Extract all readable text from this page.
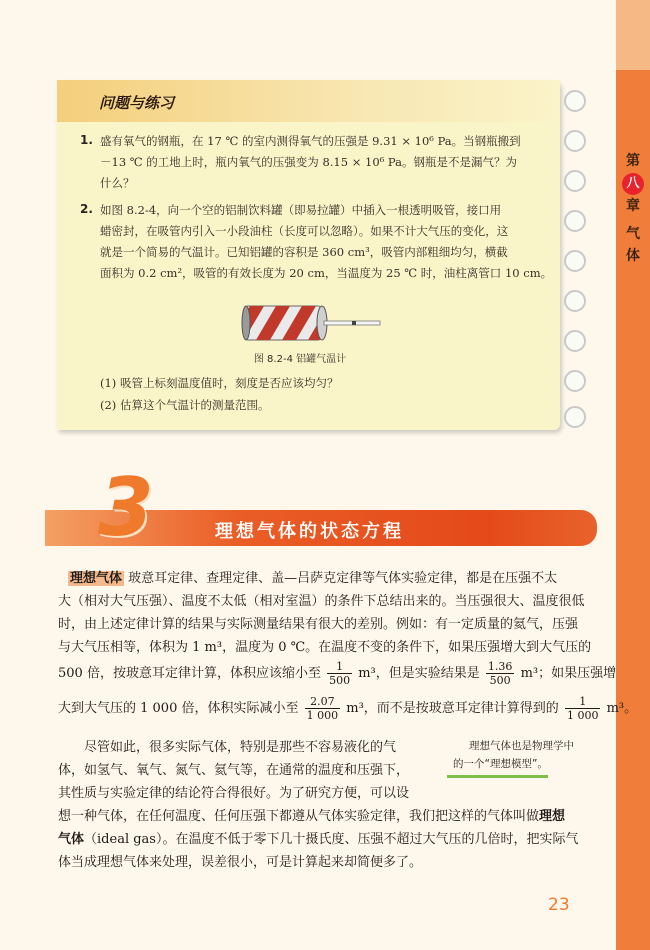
第
八
章
气
体
问题与练习
1. 盛有氧气的钢瓶，在 17 ℃ 的室内测得氧气的压强是 9.31 × 10⁶ Pa。当钢瓶搬到

－13 ℃ 的工地上时，瓶内氧气的压强变为 8.15 × 10⁶ Pa。钢瓶是不是漏气？为

什么？

2. 如图 8.2-4，向一个空的铝制饮料罐（即易拉罐）中插入一根透明吸管，接口用

蜡密封，在吸管内引入一小段油柱（长度可以忽略）。如果不计大气压的变化，这

就是一个简易的气温计。已知铝罐的容积是 360 cm³，吸管内部粗细均匀，横截

面积为 0.2 cm²，吸管的有效长度为 20 cm，当温度为 25 ℃ 时，油柱离管口 10 cm。

图 8.2-4 铝罐气温计
(1) 吸管上标刻温度值时，刻度是否应该均匀？
(2) 估算这个气温计的测量范围。
3	理想气体的状态方程
理想气体 玻意耳定律、查理定律、盖—吕萨克定律等气体实验定律，都是在压强不太
大（相对大气压强）、温度不太低（相对室温）的条件下总结出来的。当压强很大、温度很低
时，由上述定律计算的结果与实际测量结果有很大的差别。例如：有一定质量的氦气，压强
与大气压相等，体积为 1 m³，温度为 0 ℃。在温度不变的条件下，如果压强增大到大气压的
500 倍，按玻意耳定律计算，体积应该缩小至 $\frac{1}{500} m^3$，但是实验结果是 $\frac{1.36}{500} m^3$；如果压强增
大到大气压的 1 000 倍，体积实际减小至 $\frac{2.07}{1 000} m^3$，而不是按玻意耳定律计算得到的 $\frac{1}{1 000} m^3$。
尽管如此，很多实际气体，特别是那些不容易液化的气
体，如氢气、氧气、氮气、氦气等，在通常的温度和压强下，
其性质与实验定律的结论符合得很好。为了研究方便，可以设
想一种气体，在任何温度、任何压强下都遵从气体实验定律，我们把这样的气体叫做理想
气体（ideal gas）。在温度不低于零下几十摄氏度、压强不超过大气压的几倍时，把实际气
体当成理想气体来处理，误差很小，可是计算起来却简便多了。
理想气体也是物理学中
的一个“理想模型”。
23
